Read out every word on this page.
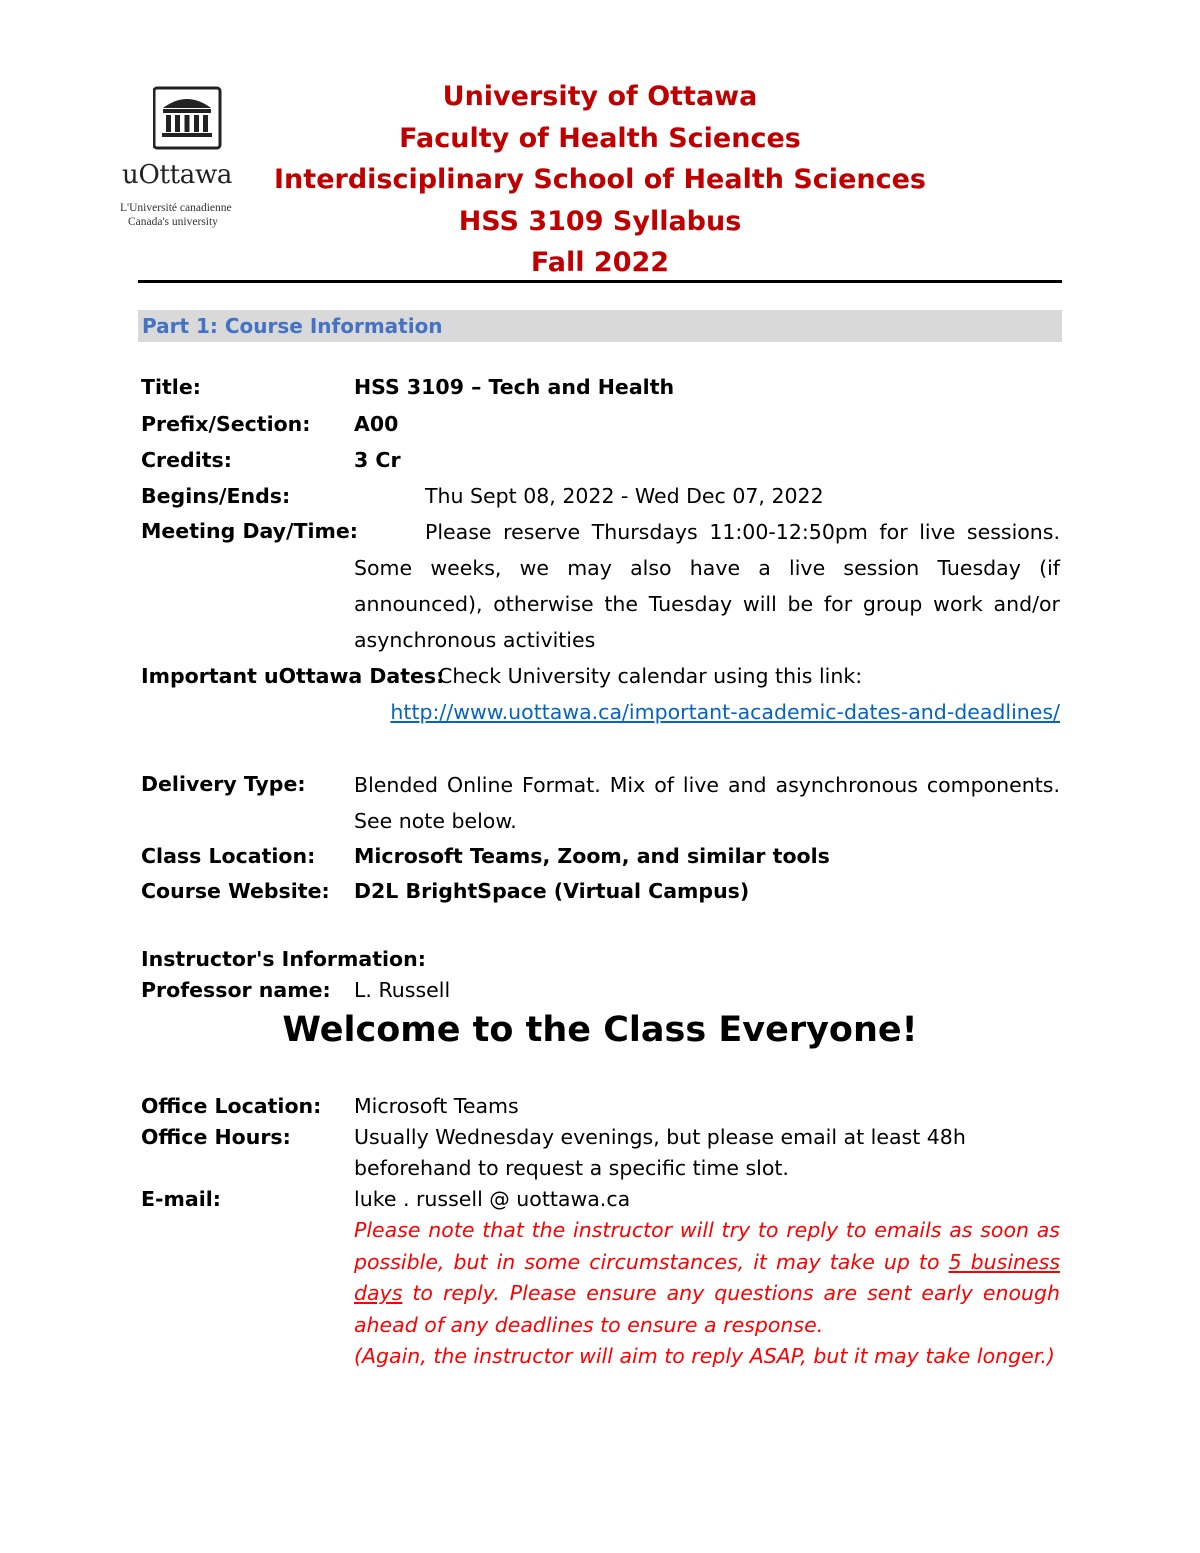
uOttawa
L'Université canadienne
Canada's university
University of Ottawa
Faculty of Health Sciences
Interdisciplinary School of Health Sciences
HSS 3109 Syllabus
Fall 2022
Part 1: Course Information
Title:	HSS 3109 – Tech and Health
Prefix/Section: A00
Credits:	3 Cr
Begins/Ends:	Thu Sept 08, 2022 - Wed Dec 07, 2022
Meeting Day/Time:	Please reserve Thursdays 11:00-12:50pm for live sessions. Some weeks, we may also have a live session Tuesday (if announced), otherwise the Tuesday will be for group work and/or asynchronous activities
Important uOttawa Dates:
Check University calendar using this link:
http://www.uottawa.ca/important-academic-dates-and-deadlines/
Delivery Type: Blended Online Format. Mix of live and asynchronous components. See note below.
Class Location: Microsoft Teams, Zoom, and similar tools
Course Website: D2L BrightSpace (Virtual Campus)
Instructor's Information:
Professor name: L. Russell
Welcome to the Class Everyone!
Office Location: Microsoft Teams
Office Hours:	Usually Wednesday evenings, but please email at least 48h beforehand to request a specific time slot.
E-mail:	luke . russell @ uottawa.ca

Please note that the instructor will try to reply to emails as soon as possible, but in some circumstances, it may take up to 5 business days to reply. Please ensure any questions are sent early enough ahead of any deadlines to ensure a response.

(Again, the instructor will aim to reply ASAP, but it may take longer.)
